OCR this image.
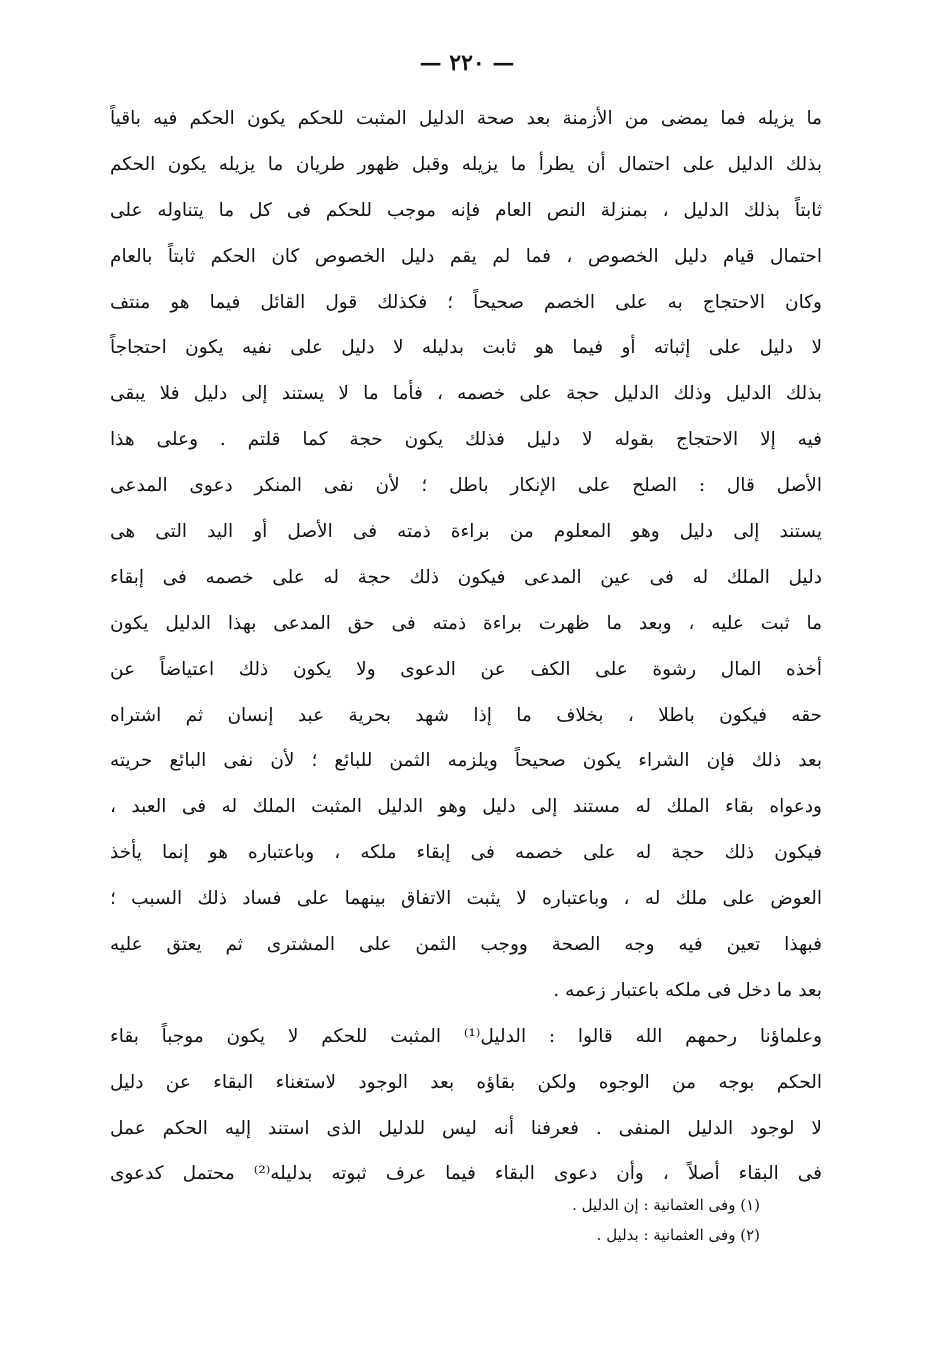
— ٢٢٠ —
ما يزيله فما يمضى من الأزمنة بعد صحة الدليل المثبت للحكم يكون الحكم فيه باقياً
بذلك الدليل على احتمال أن يطرأ ما يزيله وقبل ظهور طريان ما يزيله يكون الحكم
ثابتاً بذلك الدليل ، بمنزلة النص العام فإنه موجب للحكم فى كل ما يتناوله على
احتمال قيام دليل الخصوص ، فما لم يقم دليل الخصوص كان الحكم ثابتاً بالعام
وكان الاحتجاج به على الخصم صحيحاً ؛ فكذلك قول القائل فيما هو منتف
لا دليل على إثباته أو فيما هو ثابت بدليله لا دليل على نفيه يكون احتجاجاً
بذلك الدليل وذلك الدليل حجة على خصمه ، فأما ما لا يستند إلى دليل فلا يبقى
فيه إلا الاحتجاج بقوله لا دليل فذلك يكون حجة كما قلتم . وعلى هذا
الأصل قال : الصلح على الإنكار باطل ؛ لأن نفى المنكر دعوى المدعى
يستند إلى دليل وهو المعلوم من براءة ذمته فى الأصل أو اليد التى هى
دليل الملك له فى عين المدعى فيكون ذلك حجة له على خصمه فى إبقاء
ما ثبت عليه ، وبعد ما ظهرت براءة ذمته فى حق المدعى بهذا الدليل يكون
أخذه المال رشوة على الكف عن الدعوى ولا يكون ذلك اعتياضاً عن
حقه فيكون باطلا ، بخلاف ما إذا شهد بحرية عبد إنسان ثم اشتراه
بعد ذلك فإن الشراء يكون صحيحاً ويلزمه الثمن للبائع ؛ لأن نفى البائع حريته
ودعواه بقاء الملك له مستند إلى دليل وهو الدليل المثبت الملك له فى العبد ،
فيكون ذلك حجة له على خصمه فى إبقاء ملكه ، وباعتباره هو إنما يأخذ
العوض على ملك له ، وباعتباره لا يثبت الاتفاق بينهما على فساد ذلك السبب ؛
فبهذا تعين فيه وجه الصحة ووجب الثمن على المشترى ثم يعتق عليه
بعد ما دخل فى ملكه باعتبار زعمه .
وعلماؤنا رحمهم الله قالوا : الدليل⁽¹⁾ المثبت للحكم لا يكون موجباً بقاء
الحكم بوجه من الوجوه ولكن بقاؤه بعد الوجود لاستغناء البقاء عن دليل
لا لوجود الدليل المنفى . فعرفنا أنه ليس للدليل الذى استند إليه الحكم عمل
فى البقاء أصلاً ، وأن دعوى البقاء فيما عرف ثبوته بدليله⁽²⁾ محتمل كدعوى
(١) وفى العثمانية : إن الدليل .
(٢) وفى العثمانية : بدليل .
